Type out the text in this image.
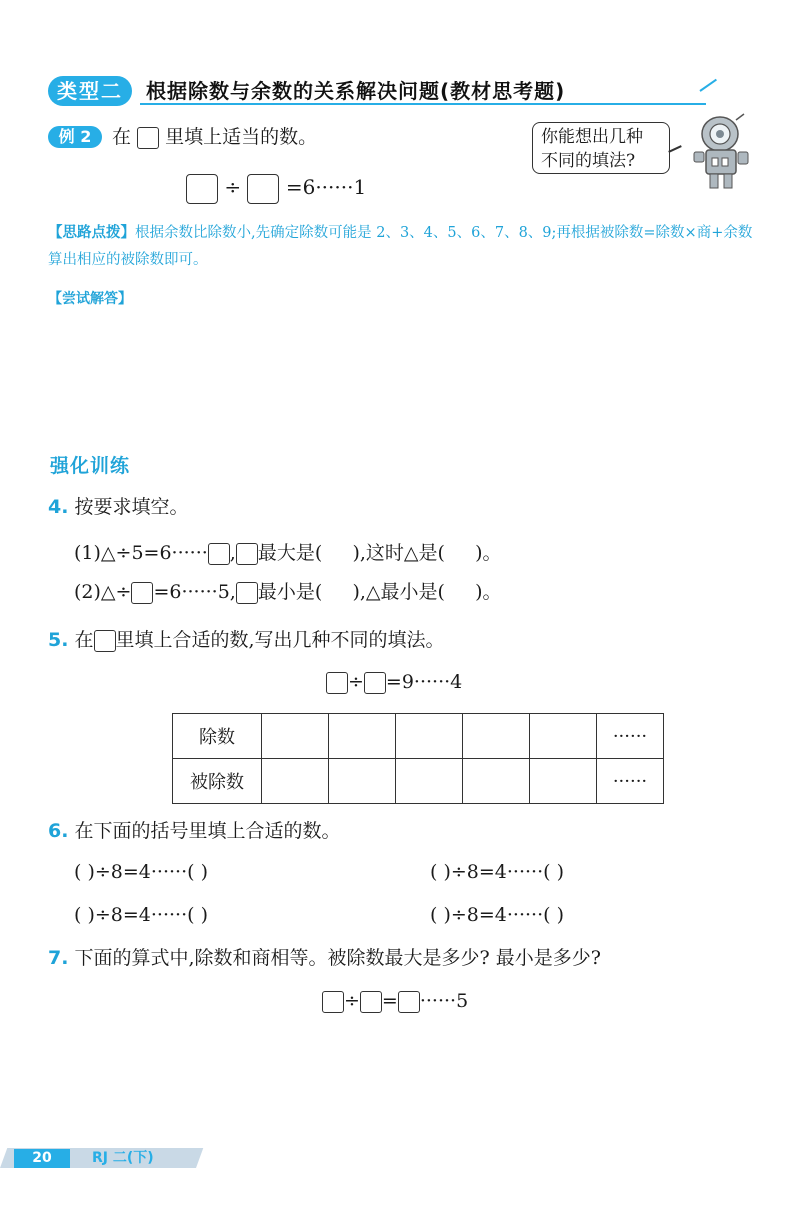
类型二	根据除数与余数的关系解决问题(教材思考题)
例 2	在 里填上适当的数。
÷ =6······1
你能想出几种
不同的填法?
【思路点拨】根据余数比除数小,先确定除数可能是 2、3、4、5、6、7、8、9;再根据被除数=除数×商+余数算出相应的被除数即可。
【尝试解答】
强化训练
4. 按要求填空。
(1)△÷5=6······ , 最大是( ),这时△是( )。
(2)△÷ =6······5, 最小是( ),△最小是( )。
5. 在 里填上合适的数,写出几种不同的填法。
÷ =9······4
除数						······
被除数						······
6. 在下面的括号里填上合适的数。
( )÷8=4······( )	( )÷8=4······( )
( )÷8=4······( )	( )÷8=4······( )
7. 下面的算式中,除数和商相等。被除数最大是多少? 最小是多少?
÷ = ······5
20	RJ 二(下)
